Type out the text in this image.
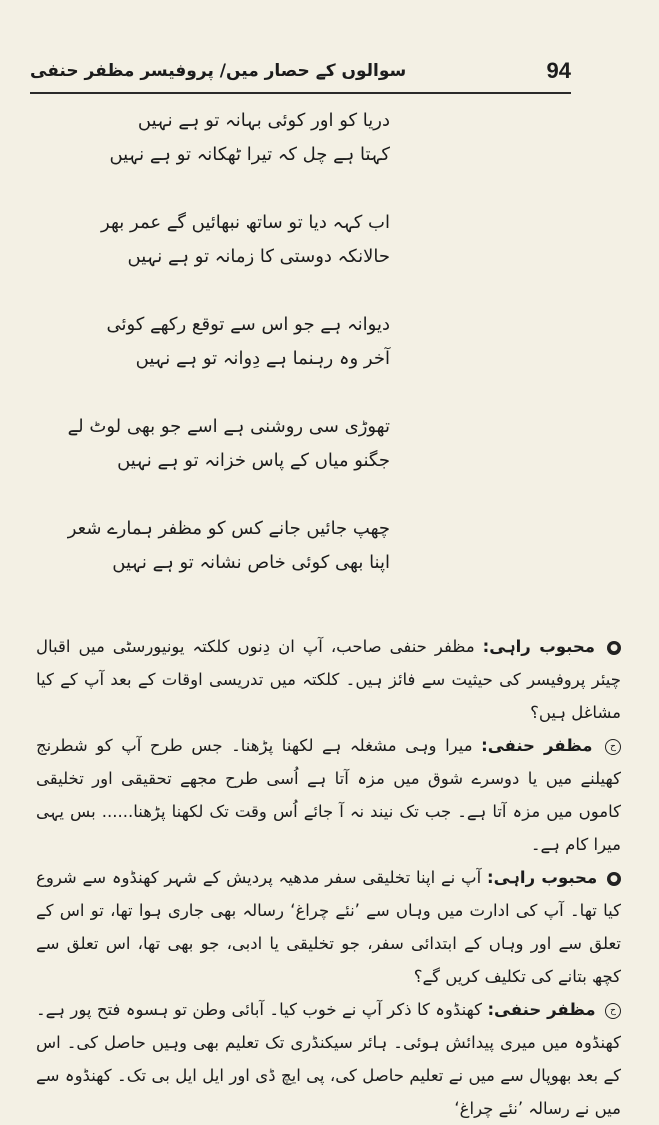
94
سوالوں کے حصار میں/ پروفیسر مظفر حنفی
دریا کو اور کوئی بہانہ تو ہے نہیں
کہتا ہے چل کہ تیرا ٹھکانہ تو ہے نہیں
اب کہہ دیا تو ساتھ نبھائیں گے عمر بھر
حالانکہ دوستی کا زمانہ تو ہے نہیں
دیوانہ ہے جو اس سے توقع رکھے کوئی
آخر وہ رہنما ہے دِوانہ تو ہے نہیں
تھوڑی سی روشنی ہے اسے جو بھی لوٹ لے
جگنو میاں کے پاس خزانہ تو ہے نہیں
چھپ جائیں جانے کس کو مظفر ہمارے شعر
اپنا بھی کوئی خاص نشانہ تو ہے نہیں

● محبوب راہی: مظفر حنفی صاحب، آپ ان دِنوں کلکتہ یونیورسٹی میں اقبال چیئر پروفیسر کی حیثیت سے فائز ہیں۔ کلکتہ میں تدریسی اوقات کے بعد آپ کے کیا مشاغل ہیں؟

ح مظفر حنفی: میرا وہی مشغلہ ہے لکھنا پڑھنا۔ جس طرح آپ کو شطرنج کھیلنے میں یا دوسرے شوق میں مزہ آتا ہے اُسی طرح مجھے تحقیقی اور تخلیقی کاموں میں مزہ آتا ہے۔ جب تک نیند نہ آ جائے اُس وقت تک لکھنا پڑھنا...... بس یہی میرا کام ہے۔

● محبوب راہی: آپ نے اپنا تخلیقی سفر مدھیہ پردیش کے شہر کھنڈوہ سے شروع کیا تھا۔ آپ کی ادارت میں وہاں سے ’نئے چراغ‘ رسالہ بھی جاری ہوا تھا، تو اس کے تعلق سے اور وہاں کے ابتدائی سفر، جو تخلیقی یا ادبی، جو بھی تھا، اس تعلق سے کچھ بتانے کی تکلیف کریں گے؟

ح مظفر حنفی: کھنڈوہ کا ذکر آپ نے خوب کیا۔ آبائی وطن تو ہسوہ فتح پور ہے۔ کھنڈوہ میں میری پیدائش ہوئی۔ ہائر سیکنڈری تک تعلیم بھی وہیں حاصل کی۔ اس کے بعد بھوپال سے میں نے تعلیم حاصل کی، پی ایچ ڈی اور ایل ایل بی تک۔ کھنڈوہ سے میں نے رسالہ ’نئے چراغ‘
